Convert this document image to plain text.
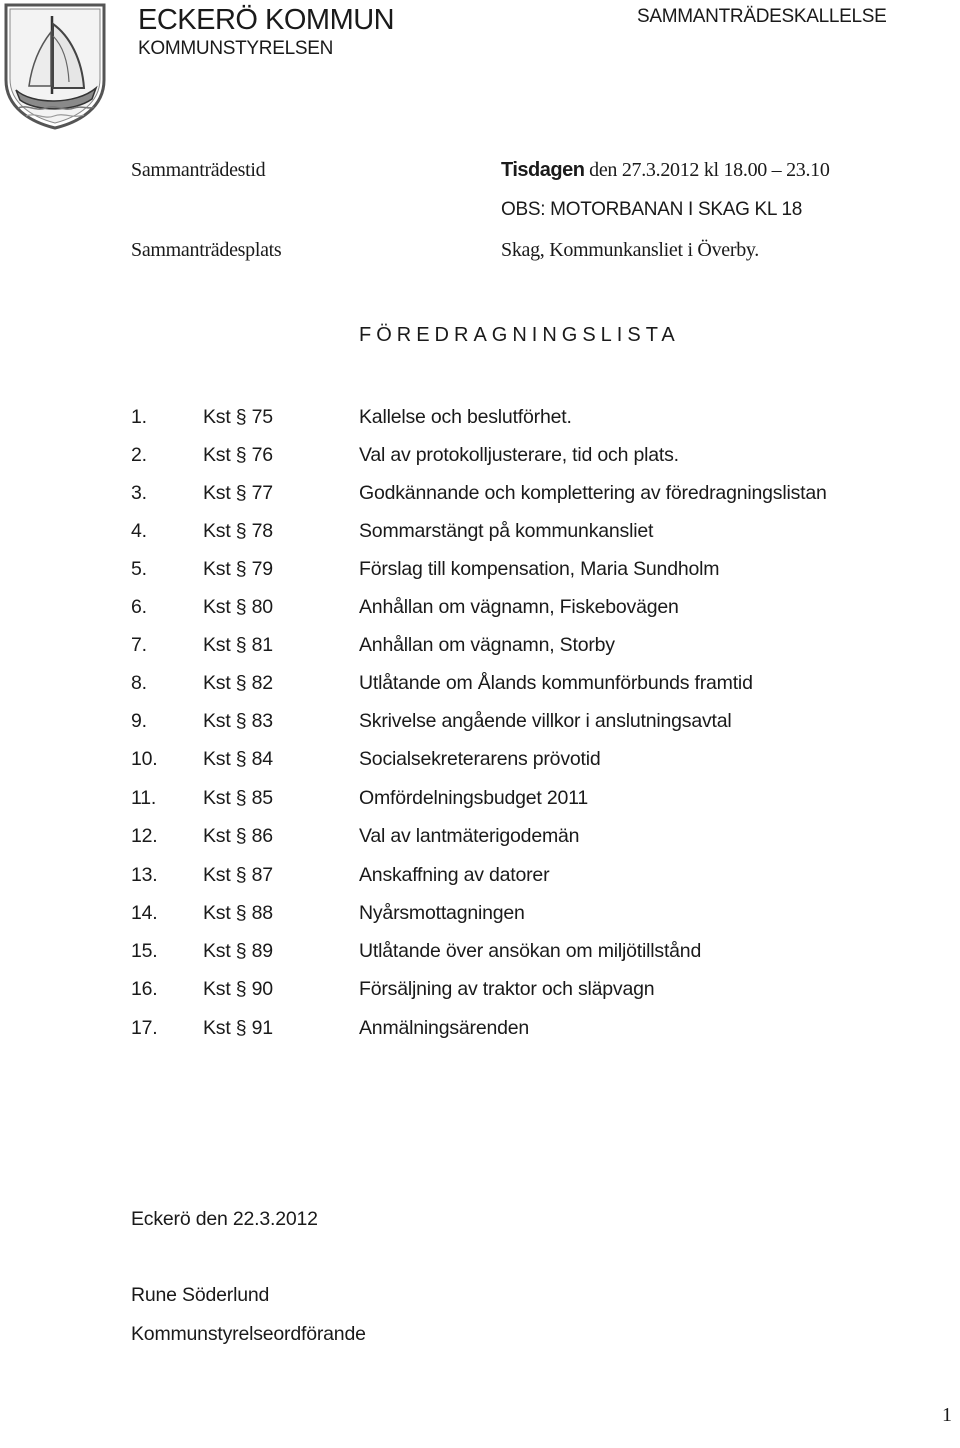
ECKERÖ KOMMUN
KOMMUNSTYRELSEN
SAMMANTRÄDESKALLELSE
Sammanträdestid	Tisdagen den 27.3.2012 kl 18.00 – 23.10
OBS: MOTORBANAN I SKAG KL 18
Sammanträdesplats	Skag, Kommunkansliet i Överby.
FÖREDRAGNINGSLISTA
1.	Kst § 75	Kallelse och beslutförhet.
2.	Kst § 76	Val av protokolljusterare, tid och plats.
3.	Kst § 77	Godkännande och komplettering av föredragningslistan
4.	Kst § 78	Sommarstängt på kommunkansliet
5.	Kst § 79	Förslag till kompensation, Maria Sundholm
6.	Kst § 80	Anhållan om vägnamn, Fiskebovägen
7.	Kst § 81	Anhållan om vägnamn, Storby
8.	Kst § 82	Utlåtande om Ålands kommunförbunds framtid
9.	Kst § 83	Skrivelse angående villkor i anslutningsavtal
10. Kst § 84	Socialsekreterarens prövotid
11. Kst § 85	Omfördelningsbudget 2011
12. Kst § 86	Val av lantmäterigodemän
13. Kst § 87	Anskaffning av datorer
14. Kst § 88	Nyårsmottagningen
15. Kst § 89	Utlåtande över ansökan om miljötillstånd
16. Kst § 90	Försäljning av traktor och släpvagn
17. Kst § 91	Anmälningsärenden
Eckerö den 22.3.2012
Rune Söderlund
Kommunstyrelseordförande
1
